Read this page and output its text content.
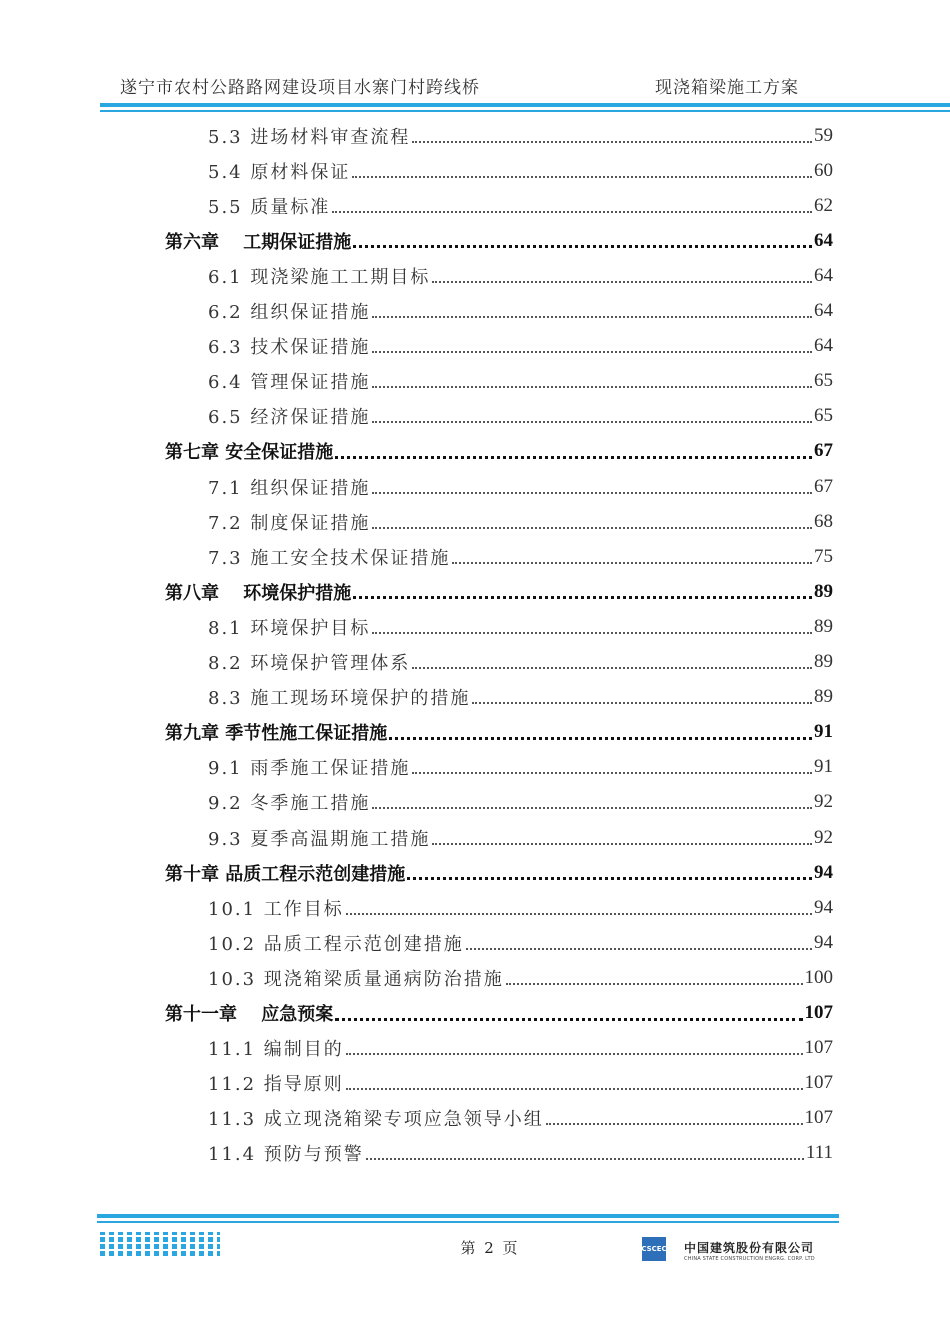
遂宁市农村公路路网建设项目水寨门村跨线桥	现浇箱梁施工方案
5.3 进场材料审查流程	59
5.4 原材料保证	60
5.5 质量标准	62
第六章　 工期保证措施	64
6.1 现浇梁施工工期目标	64
6.2 组织保证措施	64
6.3 技术保证措施	64
6.4 管理保证措施	65
6.5 经济保证措施	65
第七章 安全保证措施	67
7.1 组织保证措施	67
7.2 制度保证措施	68
7.3 施工安全技术保证措施	75
第八章　 环境保护措施	89
8.1 环境保护目标	89
8.2 环境保护管理体系	89
8.3 施工现场环境保护的措施	89
第九章 季节性施工保证措施	91
9.1 雨季施工保证措施	91
9.2 冬季施工措施	92
9.3 夏季高温期施工措施	92
第十章 品质工程示范创建措施	94
10.1 工作目标	94
10.2 品质工程示范创建措施	94
10.3 现浇箱梁质量通病防治措施	100
第十一章　 应急预案	107
11.1 编制目的	107
11.2 指导原则	107
11.3 成立现浇箱梁专项应急领导小组	107
11.4 预防与预警	111
第 2 页	CSCEC 中国建筑股份有限公司
CHINA STATE CONSTRUCTION ENGRG. CORP. LTD
